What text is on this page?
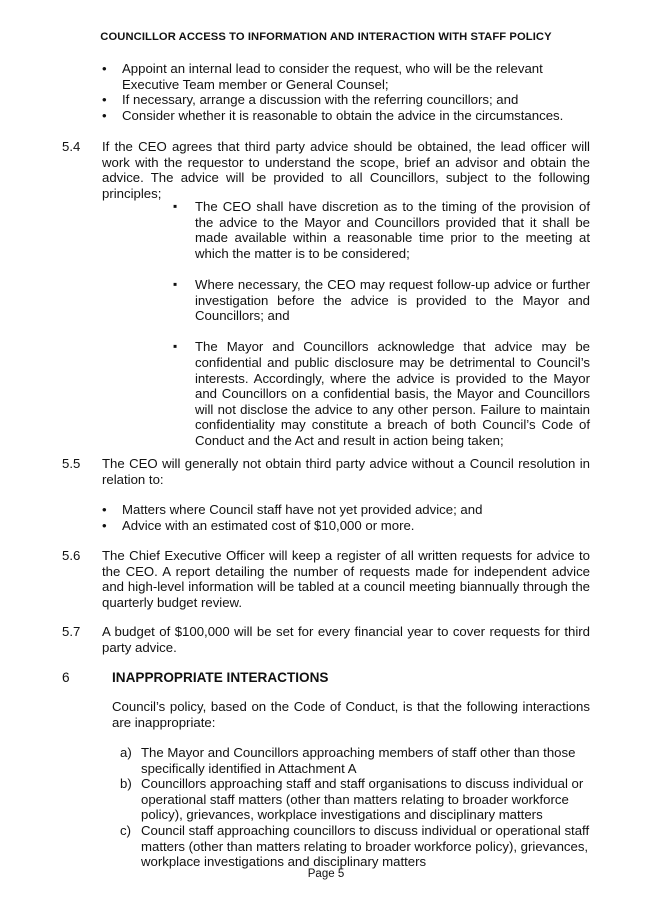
COUNCILLOR ACCESS TO INFORMATION AND INTERACTION WITH STAFF POLICY
• Appoint an internal lead to consider the request, who will be the relevant Executive Team member or General Counsel;
• If necessary, arrange a discussion with the referring councillors; and
• Consider whether it is reasonable to obtain the advice in the circumstances.
5.4 If the CEO agrees that third party advice should be obtained, the lead officer will work with the requestor to understand the scope, brief an advisor and obtain the advice. The advice will be provided to all Councillors, subject to the following principles;
▪ The CEO shall have discretion as to the timing of the provision of the advice to the Mayor and Councillors provided that it shall be made available within a reasonable time prior to the meeting at which the matter is to be considered;
▪ Where necessary, the CEO may request follow-up advice or further investigation before the advice is provided to the Mayor and Councillors; and
▪ The Mayor and Councillors acknowledge that advice may be confidential and public disclosure may be detrimental to Council’s interests. Accordingly, where the advice is provided to the Mayor and Councillors on a confidential basis, the Mayor and Councillors will not disclose the advice to any other person. Failure to maintain confidentiality may constitute a breach of both Council’s Code of Conduct and the Act and result in action being taken;
5.5 The CEO will generally not obtain third party advice without a Council resolution in relation to:
• Matters where Council staff have not yet provided advice; and
• Advice with an estimated cost of $10,000 or more.
5.6 The Chief Executive Officer will keep a register of all written requests for advice to the CEO. A report detailing the number of requests made for independent advice and high-level information will be tabled at a council meeting biannually through the quarterly budget review.
5.7 A budget of $100,000 will be set for every financial year to cover requests for third party advice.
6	INAPPROPRIATE INTERACTIONS
Council’s policy, based on the Code of Conduct, is that the following interactions are inappropriate:
a) The Mayor and Councillors approaching members of staff other than those specifically identified in Attachment A
b) Councillors approaching staff and staff organisations to discuss individual or operational staff matters (other than matters relating to broader workforce policy), grievances, workplace investigations and disciplinary matters
c) Council staff approaching councillors to discuss individual or operational staff matters (other than matters relating to broader workforce policy), grievances, workplace investigations and disciplinary matters
Page 5
